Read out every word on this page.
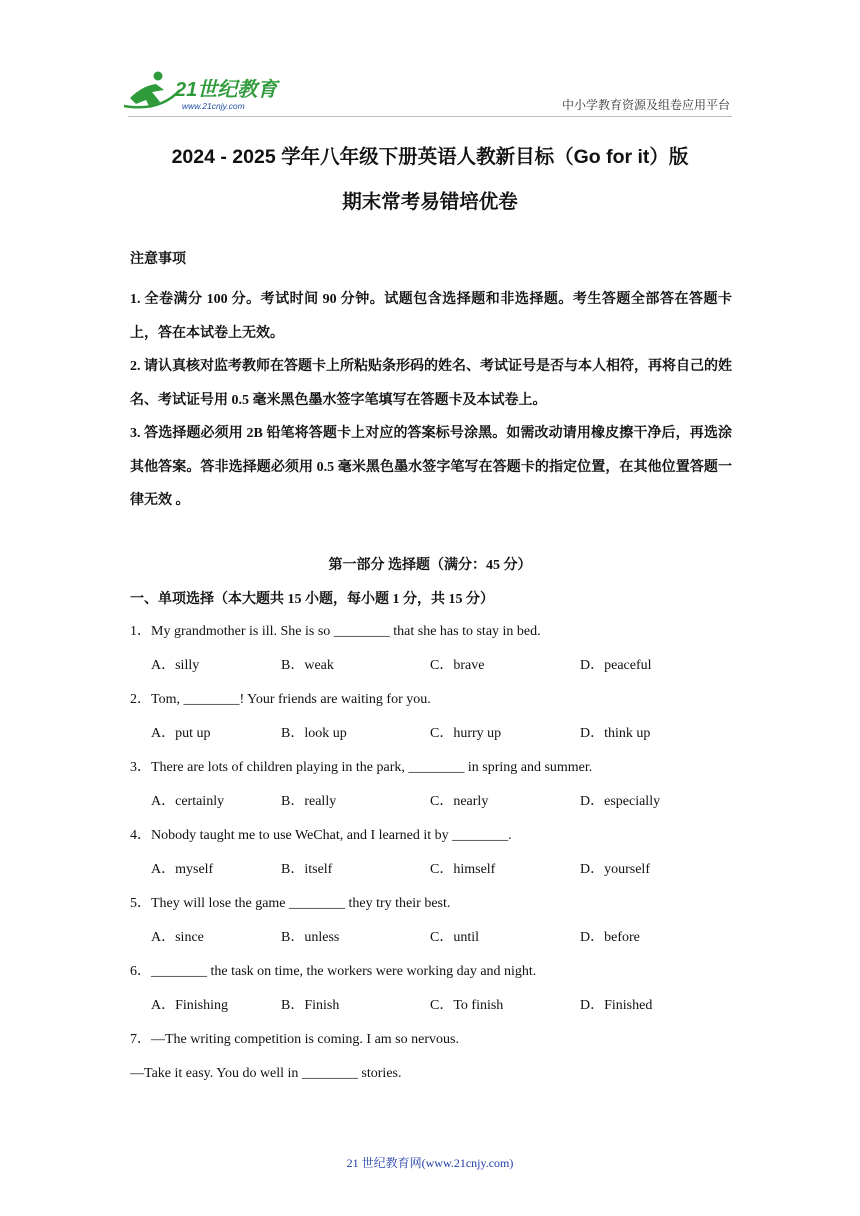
21世纪教育
www.21cnjy.com	中小学教育资源及组卷应用平台
2024 - 2025 学年八年级下册英语人教新目标（Go for it）版
期末常考易错培优卷
注意事项
1. 全卷满分 100 分。考试时间 90 分钟。试题包含选择题和非选择题。考生答题全部答在答题卡上，答在本试卷上无效。
2. 请认真核对监考教师在答题卡上所粘贴条形码的姓名、考试证号是否与本人相符，再将自己的姓名、考试证号用 0.5 毫米黑色墨水签字笔填写在答题卡及本试卷上。
3. 答选择题必须用 2B 铅笔将答题卡上对应的答案标号涂黑。如需改动请用橡皮擦干净后，再选涂其他答案。答非选择题必须用 0.5 毫米黑色墨水签字笔写在答题卡的指定位置，在其他位置答题一律无效 。
第一部分 选择题（满分：45 分）
一、单项选择（本大题共 15 小题，每小题 1 分，共 15 分）
1．My grandmother is ill. She is so ________ that she has to stay in bed.
A．silly	B．weak	C．brave	D．peaceful
2．Tom, ________! Your friends are waiting for you.
A．put up	B．look up	C．hurry up	D．think up
3．There are lots of children playing in the park, ________ in spring and summer.
A．certainly	B．really	C．nearly	D．especially
4．Nobody taught me to use WeChat, and I learned it by ________.
A．myself	B．itself	C．himself	D．yourself
5．They will lose the game ________ they try their best.
A．since	B．unless	C．until	D．before
6．________ the task on time, the workers were working day and night.
A．Finishing	B．Finish	C．To finish	D．Finished
7．—The writing competition is coming. I am so nervous.
—Take it easy. You do well in ________ stories.
21 世纪教育网(www.21cnjy.com)
